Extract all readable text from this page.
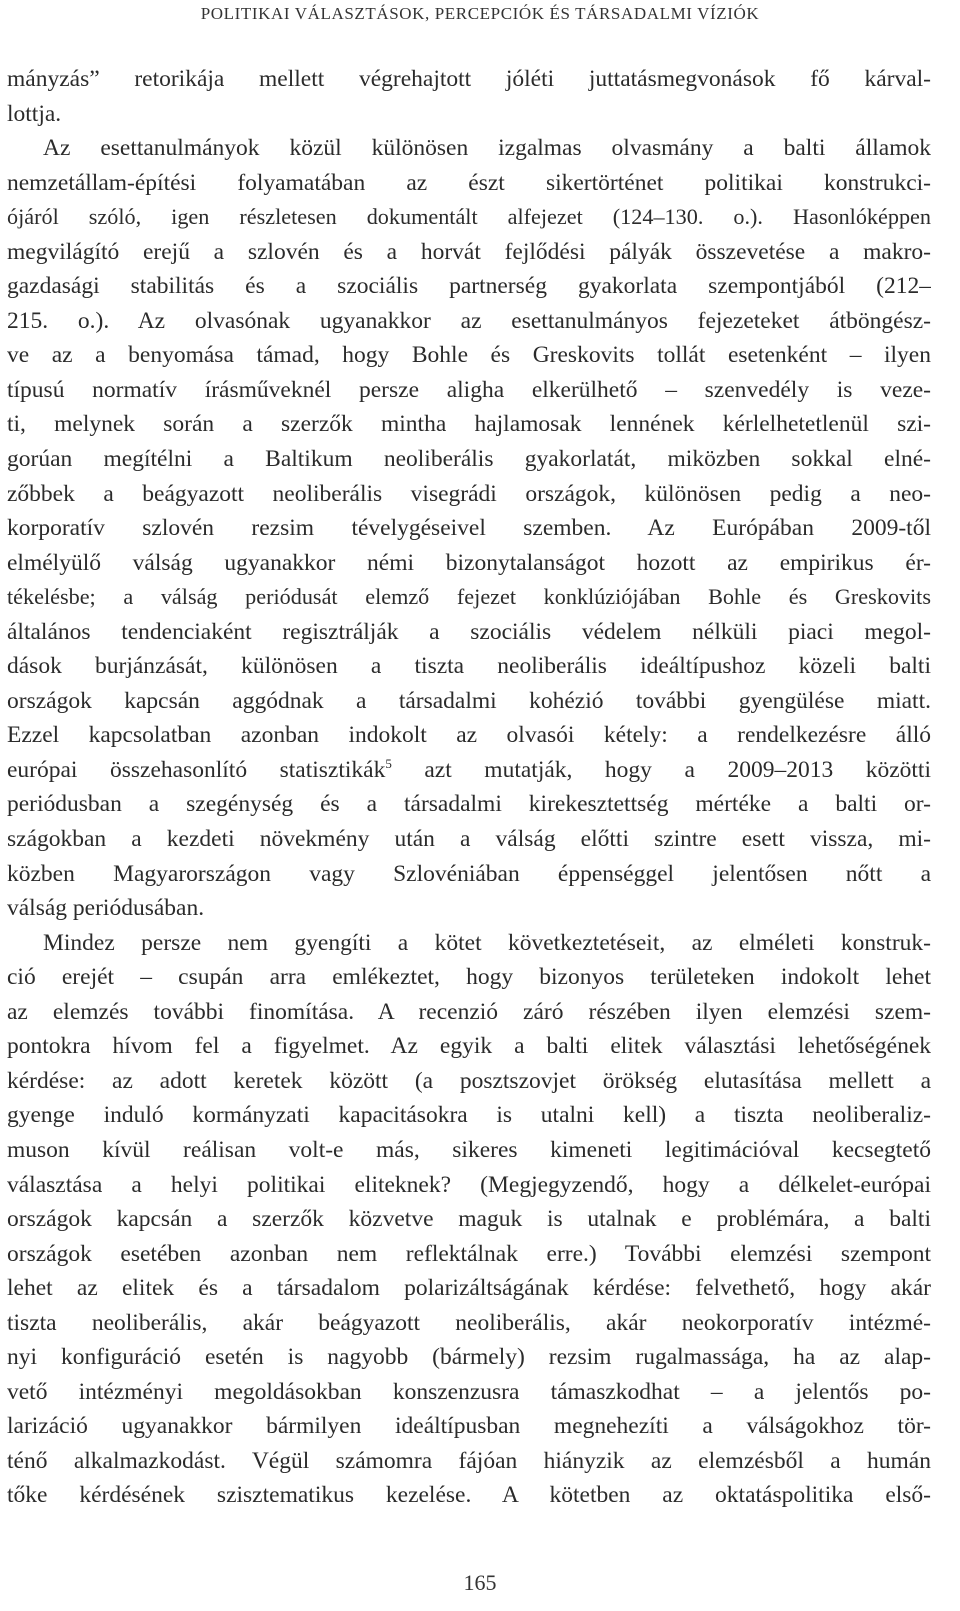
POLITIKAI VÁLASZTÁSOK, PERCEPCIÓK ÉS TÁRSADALMI VÍZIÓK
mányzás” retorikája mellett végrehajtott jóléti juttatásmegvonások fő kárval-
lottja.
Az esettanulmányok közül különösen izgalmas olvasmány a balti államok
nemzetállam-építési folyamatában az észt sikertörténet politikai konstrukci-
ójáról szóló, igen részletesen dokumentált alfejezet (124–130. o.). Hasonlóképpen
megvilágító erejű a szlovén és a horvát fejlődési pályák összevetése a makro-
gazdasági stabilitás és a szociális partnerség gyakorlata szempontjából (212–
215. o.). Az olvasónak ugyanakkor az esettanulmányos fejezeteket átböngész-
ve az a benyomása támad, hogy Bohle és Greskovits tollát esetenként – ilyen
típusú normatív írásműveknél persze aligha elkerülhető – szenvedély is veze-
ti, melynek során a szerzők mintha hajlamosak lennének kérlelhetetlenül szi-
gorúan megítélni a Baltikum neoliberális gyakorlatát, miközben sokkal elné-
zőbbek a beágyazott neoliberális visegrádi országok, különösen pedig a neo-
korporatív szlovén rezsim tévelygéseivel szemben. Az Európában 2009-től
elmélyülő válság ugyanakkor némi bizonytalanságot hozott az empirikus ér-
tékelésbe; a válság periódusát elemző fejezet konklúziójában Bohle és Greskovits
általános tendenciaként regisztrálják a szociális védelem nélküli piaci megol-
dások burjánzását, különösen a tiszta neoliberális ideáltípushoz közeli balti
országok kapcsán aggódnak a társadalmi kohézió további gyengülése miatt.
Ezzel kapcsolatban azonban indokolt az olvasói kétely: a rendelkezésre álló
európai összehasonlító statisztikák$^5$ azt mutatják, hogy a 2009–2013 közötti
periódusban a szegénység és a társadalmi kirekesztettség mértéke a balti or-
szágokban a kezdeti növekmény után a válság előtti szintre esett vissza, mi-
közben Magyarországon vagy Szlovéniában éppenséggel jelentősen nőtt a
válság periódusában.
Mindez persze nem gyengíti a kötet következtetéseit, az elméleti konstruk-
ció erejét – csupán arra emlékeztet, hogy bizonyos területeken indokolt lehet
az elemzés további finomítása. A recenzió záró részében ilyen elemzési szem-
pontokra hívom fel a figyelmet. Az egyik a balti elitek választási lehetőségének
kérdése: az adott keretek között (a posztszovjet örökség elutasítása mellett a
gyenge induló kormányzati kapacitásokra is utalni kell) a tiszta neoliberaliz-
muson kívül reálisan volt-e más, sikeres kimeneti legitimációval kecsegtető
választása a helyi politikai eliteknek? (Megjegyzendő, hogy a délkelet-európai
országok kapcsán a szerzők közvetve maguk is utalnak e problémára, a balti
országok esetében azonban nem reflektálnak erre.) További elemzési szempont
lehet az elitek és a társadalom polarizáltságának kérdése: felvethető, hogy akár
tiszta neoliberális, akár beágyazott neoliberális, akár neokorporatív intézmé-
nyi konfiguráció esetén is nagyobb (bármely) rezsim rugalmassága, ha az alap-
vető intézményi megoldásokban konszenzusra támaszkodhat – a jelentős po-
larizáció ugyanakkor bármilyen ideáltípusban megnehezíti a válságokhoz tör-
ténő alkalmazkodást. Végül számomra fájóan hiányzik az elemzésből a humán
tőke kérdésének szisztematikus kezelése. A kötetben az oktatáspolitika első-
165
